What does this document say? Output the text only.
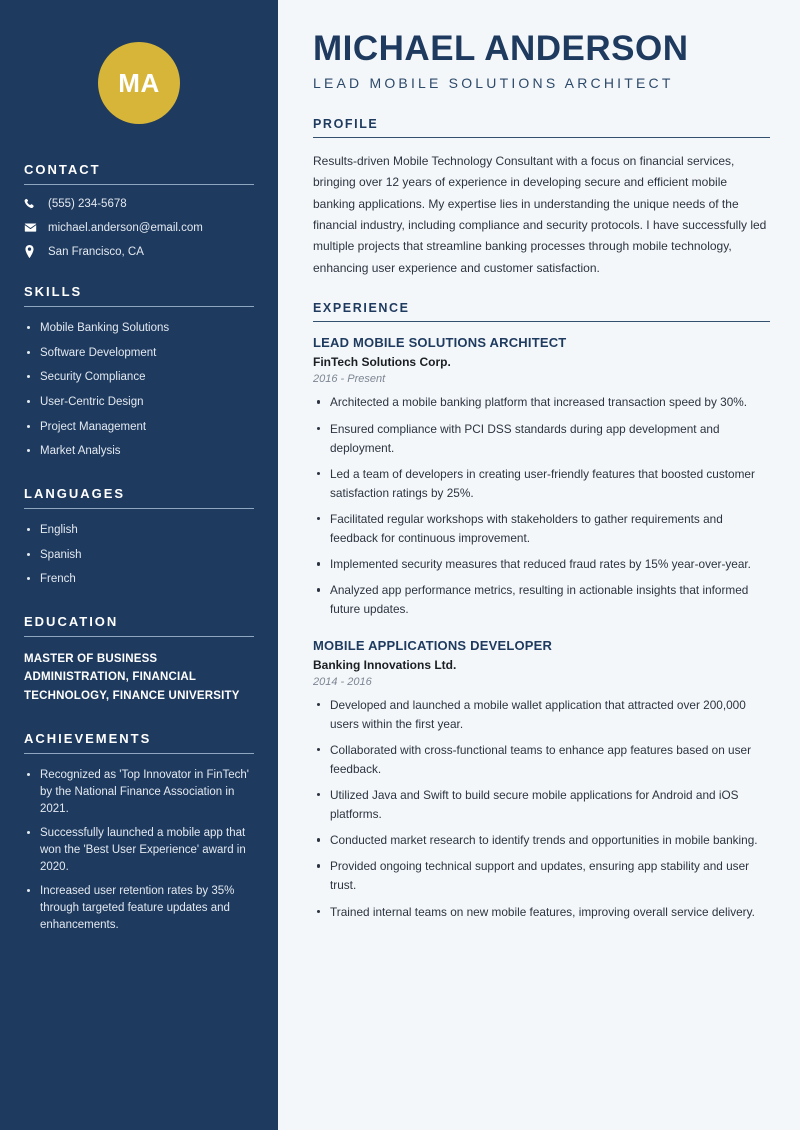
MA
CONTACT
(555) 234-5678
michael.anderson@email.com
San Francisco, CA
SKILLS
Mobile Banking Solutions
Software Development
Security Compliance
User-Centric Design
Project Management
Market Analysis
LANGUAGES
English
Spanish
French
EDUCATION
MASTER OF BUSINESS ADMINISTRATION, FINANCIAL TECHNOLOGY, FINANCE UNIVERSITY
ACHIEVEMENTS
Recognized as 'Top Innovator in FinTech' by the National Finance Association in 2021.
Successfully launched a mobile app that won the 'Best User Experience' award in 2020.
Increased user retention rates by 35% through targeted feature updates and enhancements.
MICHAEL ANDERSON
LEAD MOBILE SOLUTIONS ARCHITECT
PROFILE

Results-driven Mobile Technology Consultant with a focus on financial services, bringing over 12 years of experience in developing secure and efficient mobile banking applications. My expertise lies in understanding the unique needs of the financial industry, including compliance and security protocols. I have successfully led multiple projects that streamline banking processes through mobile technology, enhancing user experience and customer satisfaction.

EXPERIENCE
LEAD MOBILE SOLUTIONS ARCHITECT
FinTech Solutions Corp.
2016 - Present
Architected a mobile banking platform that increased transaction speed by 30%.
Ensured compliance with PCI DSS standards during app development and deployment.
Led a team of developers in creating user-friendly features that boosted customer satisfaction ratings by 25%.
Facilitated regular workshops with stakeholders to gather requirements and feedback for continuous improvement.
Implemented security measures that reduced fraud rates by 15% year-over-year.
Analyzed app performance metrics, resulting in actionable insights that informed future updates.
MOBILE APPLICATIONS DEVELOPER
Banking Innovations Ltd.
2014 - 2016
Developed and launched a mobile wallet application that attracted over 200,000 users within the first year.
Collaborated with cross-functional teams to enhance app features based on user feedback.
Utilized Java and Swift to build secure mobile applications for Android and iOS platforms.
Conducted market research to identify trends and opportunities in mobile banking.
Provided ongoing technical support and updates, ensuring app stability and user trust.
Trained internal teams on new mobile features, improving overall service delivery.
